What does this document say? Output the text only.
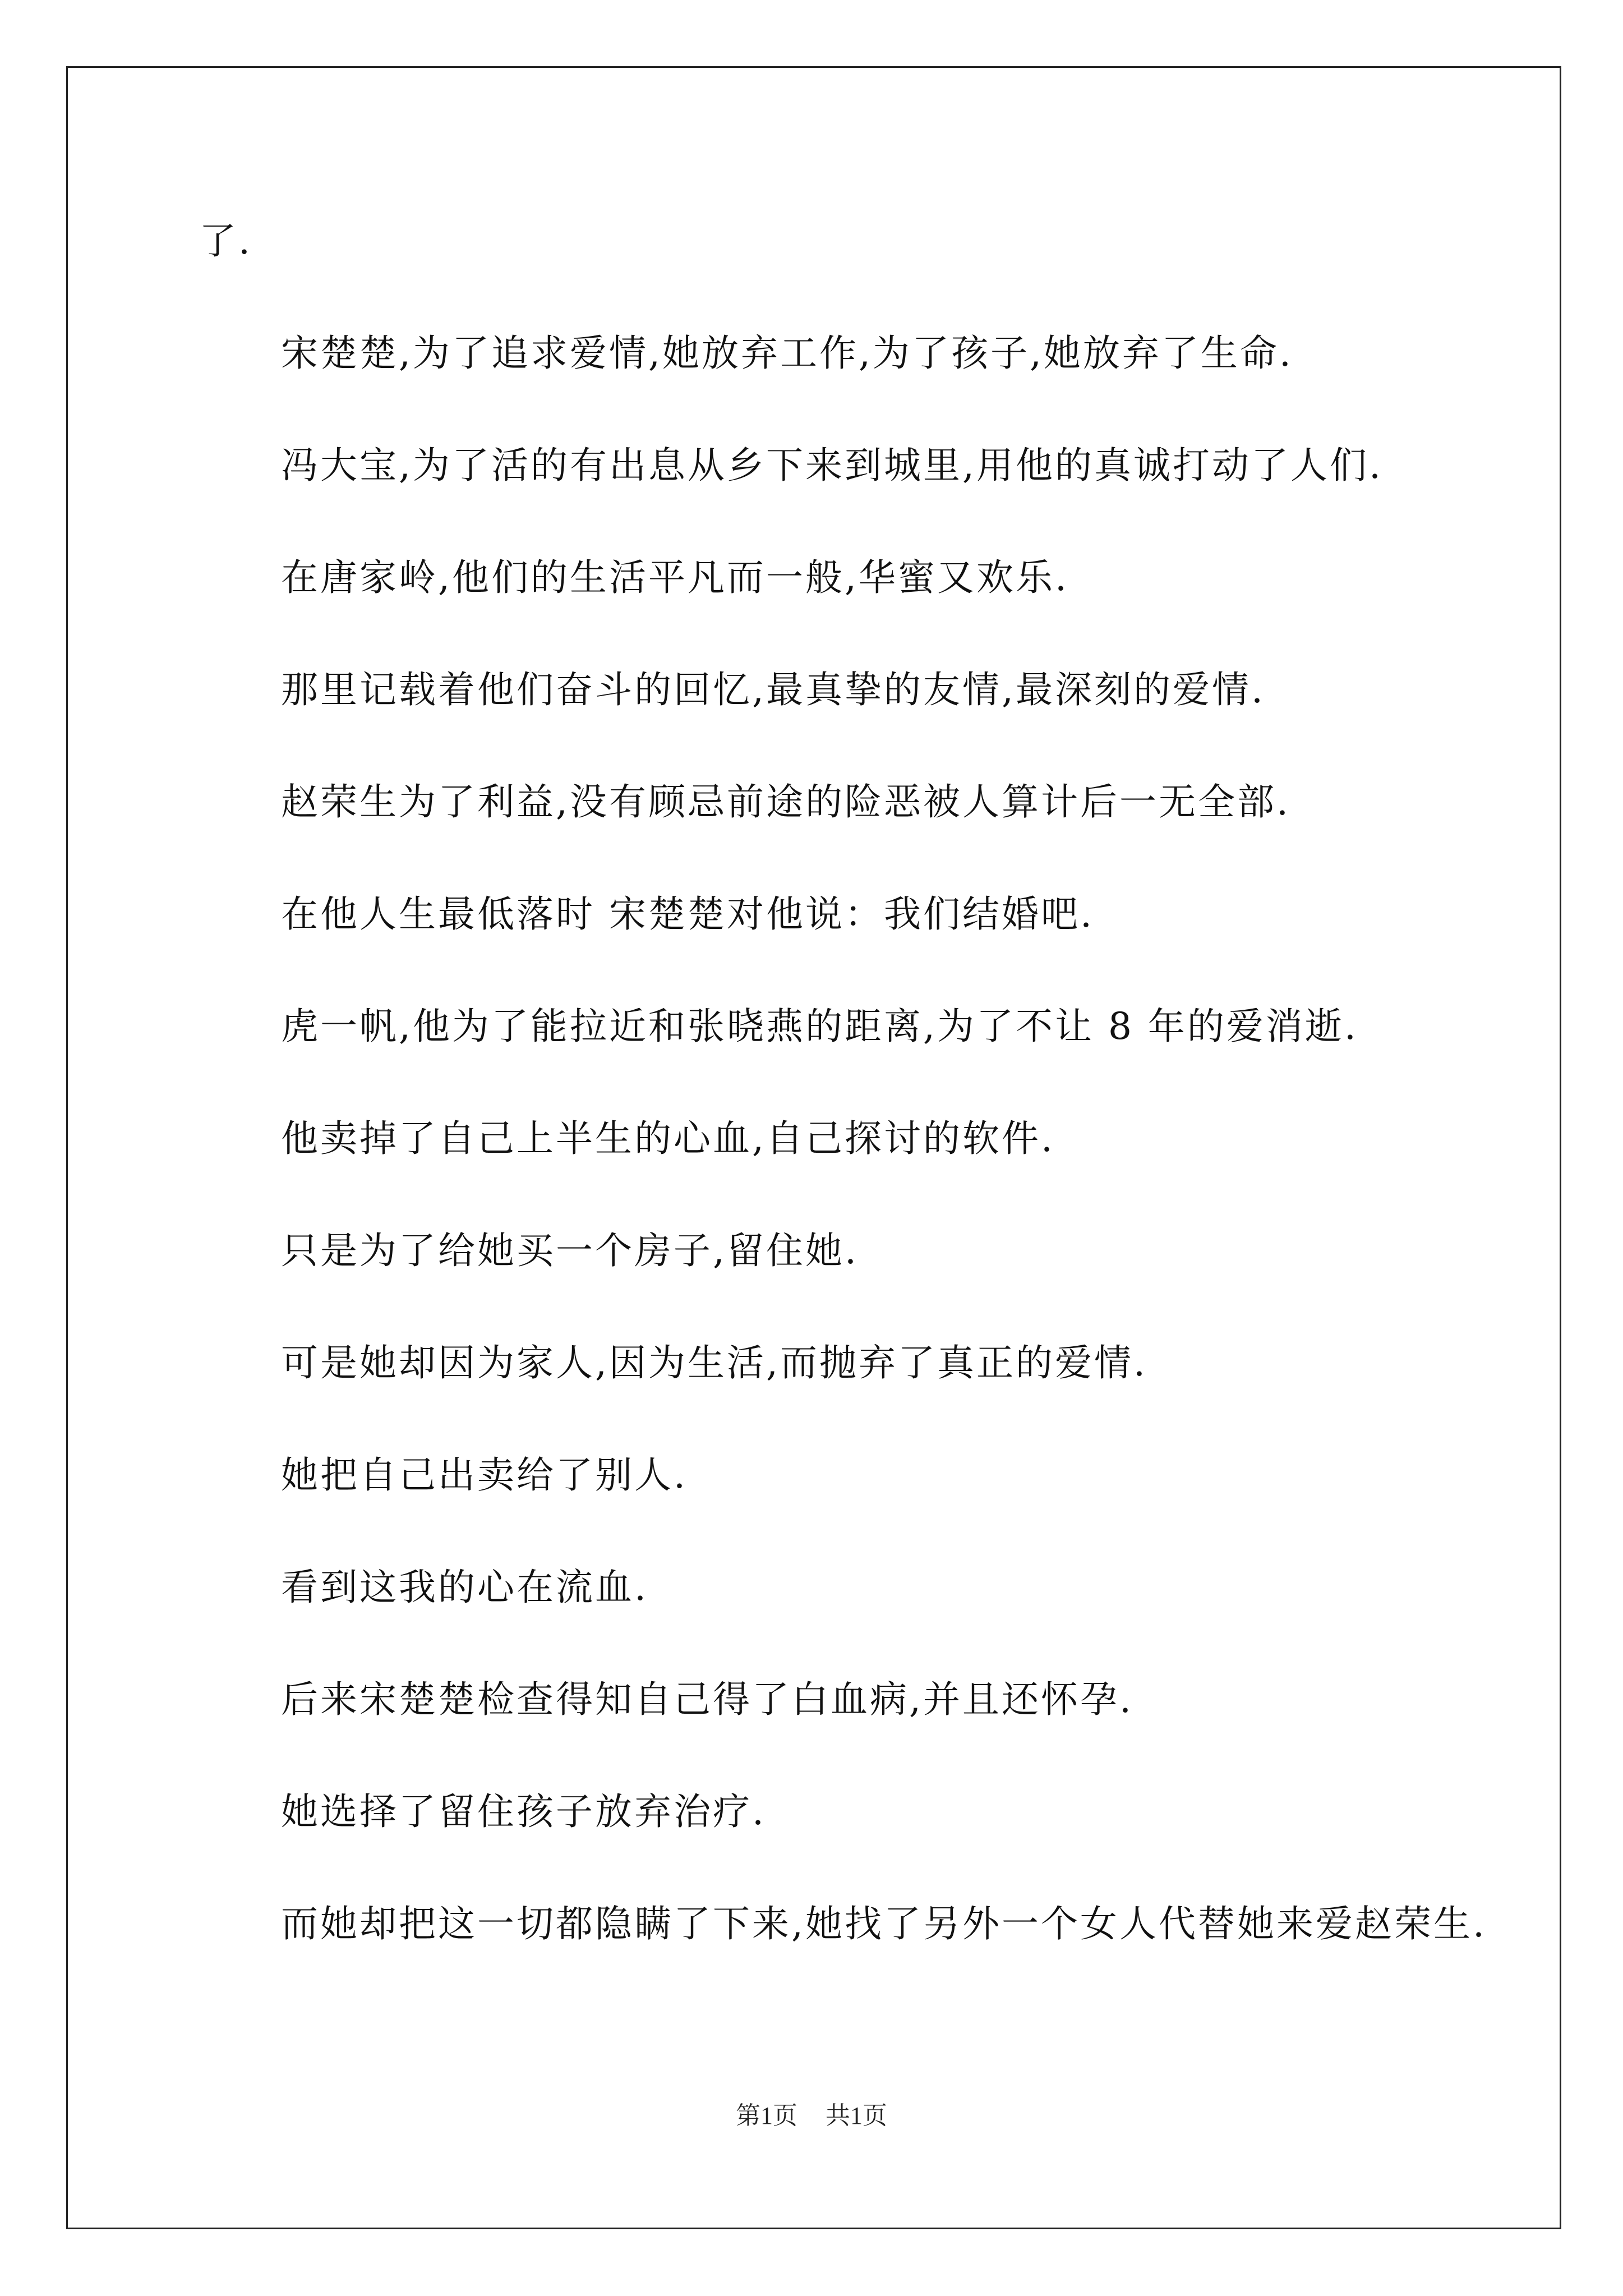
了.

宋楚楚,为了追求爱情,她放弃工作,为了孩子,她放弃了生命.

冯大宝,为了活的有出息从乡下来到城里,用他的真诚打动了人们.

在唐家岭,他们的生活平凡而一般,华蜜又欢乐.

那里记载着他们奋斗的回忆,最真挚的友情,最深刻的爱情.

赵荣生为了利益,没有顾忌前途的险恶被人算计后一无全部.

在他人生最低落时 宋楚楚对他说：我们结婚吧.

虎一帆,他为了能拉近和张晓燕的距离,为了不让 8 年的爱消逝.

他卖掉了自己上半生的心血,自己探讨的软件.

只是为了给她买一个房子,留住她.

可是她却因为家人,因为生活,而抛弃了真正的爱情.

她把自己出卖给了别人.

看到这我的心在流血.

后来宋楚楚检查得知自己得了白血病,并且还怀孕.

她选择了留住孩子放弃治疗.

而她却把这一切都隐瞒了下来,她找了另外一个女人代替她来爱赵荣生.

第1页 共1页
